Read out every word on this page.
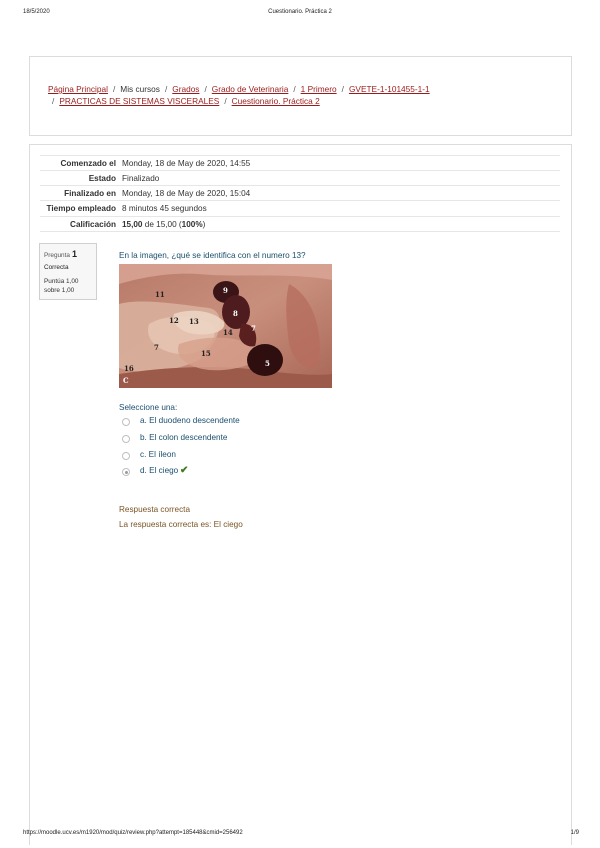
18/5/2020	Cuestionario. Práctica 2
Página Principal / Mis cursos / Grados / Grado de Veterinaria / 1 Primero / GVETE-1-101455-1-1
/ PRACTICAS DE SISTEMAS VISCERALES / Cuestionario. Práctica 2
Comenzado el	Monday, 18 de May de 2020, 14:55
Estado	Finalizado
Finalizado en	Monday, 18 de May de 2020, 15:04
Tiempo empleado	8 minutos 45 segundos
Calificación	15,00 de 15,00 (100%)
Pregunta 1
Correcta
Puntúa 1,00
sobre 1,00
En la imagen, ¿qué se identifica con el numero 13?
11	9
8
12 13
7
14
7
15
5
16
C
Seleccione una:
a. El duodeno descendente
b. El colon descendente
c. El íleon
d. El ciego ✔
Respuesta correcta
La respuesta correcta es: El ciego
https://moodle.ucv.es/m1920/mod/quiz/review.php?attempt=185448&cmid=256492	1/9
